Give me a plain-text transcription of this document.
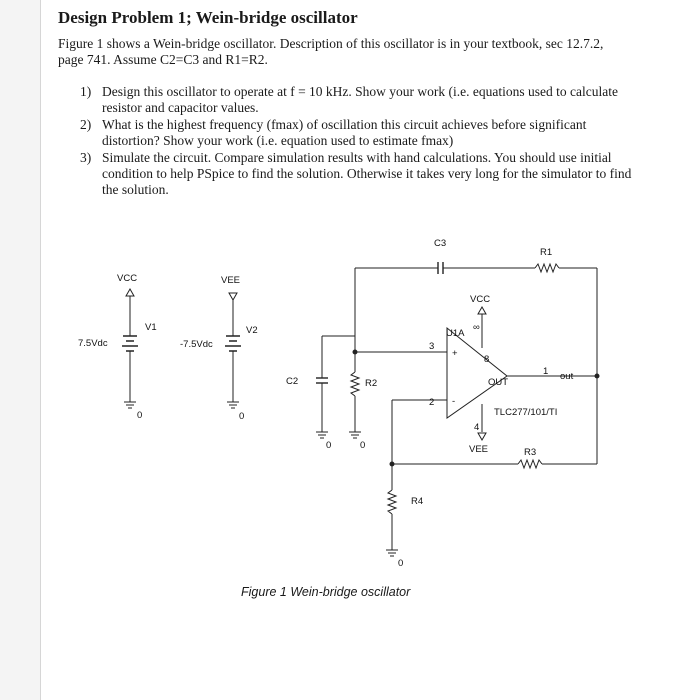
Design Problem 1; Wein-bridge oscillator
Figure 1 shows a Wein-bridge oscillator. Description of this oscillator is in your textbook, sec 12.7.2, page 741. Assume C2=C3 and R1=R2.
1) Design this oscillator to operate at f = 10 kHz. Show your work (i.e. equations used to calculate resistor and capacitor values.
2) What is the highest frequency (fmax) of oscillation this circuit achieves before significant distortion? Show your work (i.e. equation used to estimate fmax)
3) Simulate the circuit. Compare simulation results with hand calculations. You should use initial condition to help PSpice to find the solution. Otherwise it takes very long for the simulator to find the solution.
VCC
V1
7.5Vdc
0
VEE
V2
-7.5Vdc
0
C3
R1
C2
0
R2
0
3
2
+
-
U1A
∞
VCC
8
4
VEE
OUT
1 out
TLC277/101/TI
R3
R4
0
Figure 1 Wein-bridge oscillator
